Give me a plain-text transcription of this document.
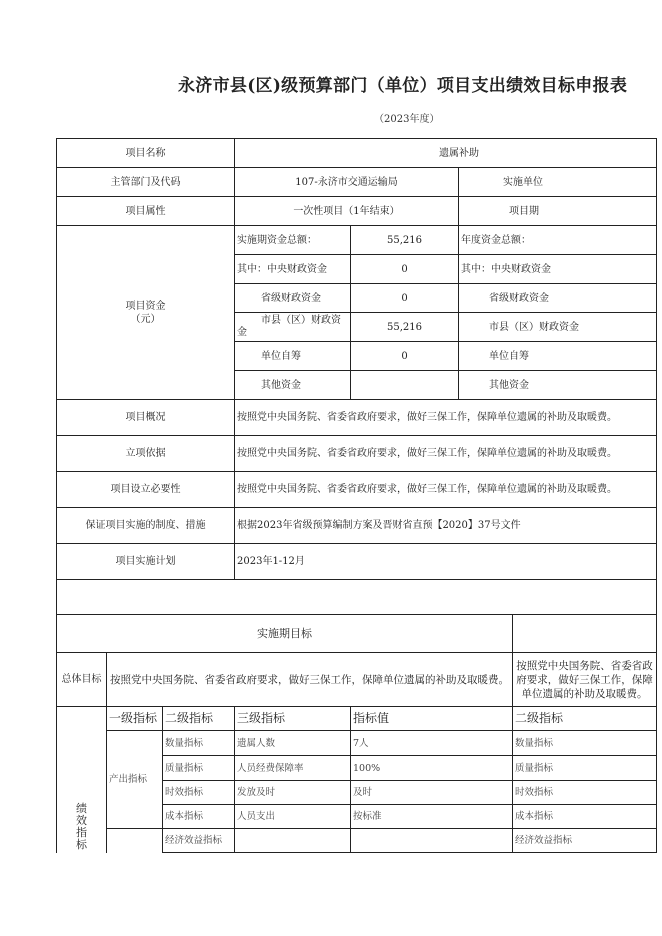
永济市县(区)级预算部门（单位）项目支出绩效目标申报表
（2023年度）
项目名称	遗属补助		
主管部门及代码	107-永济市交通运输局		实施单位
项目属性	一次性项目（1年结束）		项目期
项目资金
（元）	实施期资金总额：	55,216	年度资金总额：
	其中：中央财政资金	0	其中：中央财政资金
	省级财政资金	0	省级财政资金
	市县（区）财政资金	55,216	市县（区）财政资金
	单位自筹	0	单位自筹
	其他资金		其他资金
项目概况	按照党中央国务院、省委省政府要求，做好三保工作，保障单位遗属的补助及取暖费。		
立项依据	按照党中央国务院、省委省政府要求，做好三保工作，保障单位遗属的补助及取暖费。		
项目设立必要性	按照党中央国务院、省委省政府要求，做好三保工作，保障单位遗属的补助及取暖费。		
保证项目实施的制度、措施	根据2023年省级预算编制方案及晋财省直预【2020】37号文件		
项目实施计划	2023年1-12月		

实施期目标					
总体目标	按照党中央国务院、省委省政府要求，做好三保工作，保障单位遗属的补助及取暖费。				按照党中央国务院、省委省政府要求，做好三保工作，保障单位遗属的补助及取暖费。

绩效指标	一级指标	二级指标	三级指标	指标值	二级指标
	产出指标	数量指标	遗属人数	7人	数量指标
		质量指标	人员经费保障率	100%	质量指标
		时效指标	发放及时	及时	时效指标
		成本指标	人员支出	按标准	成本指标
		经济效益指标			经济效益指标
